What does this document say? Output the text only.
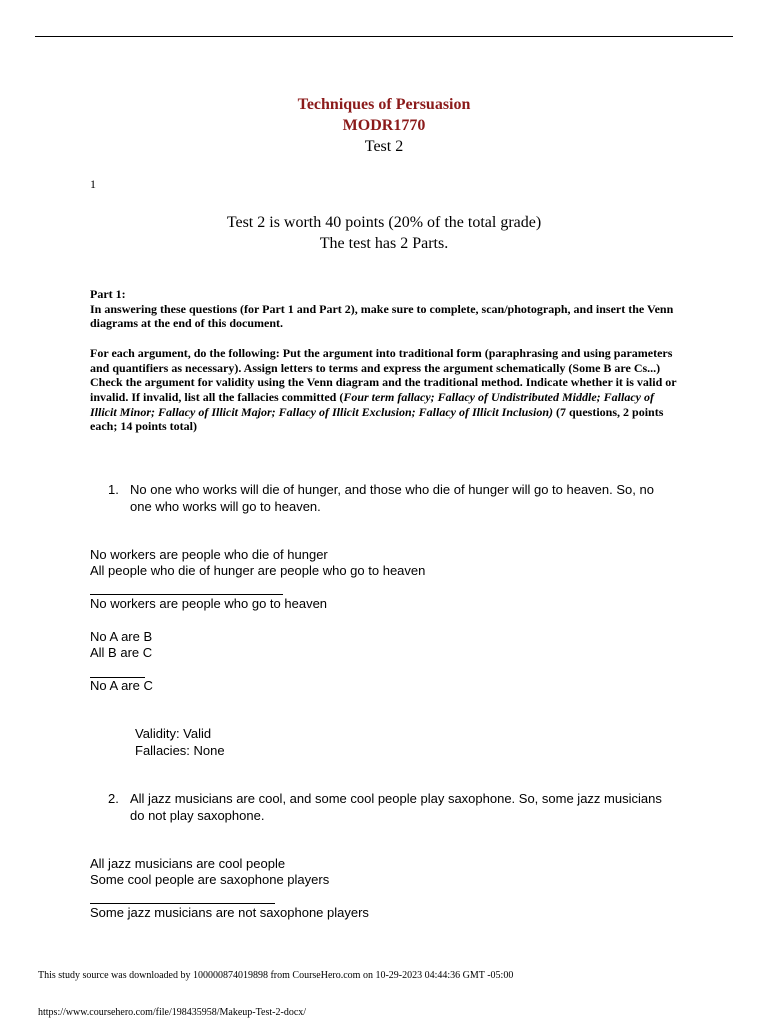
Techniques of Persuasion
MODR1770
Test 2
1
Test 2 is worth 40 points (20% of the total grade)
The test has 2 Parts.

Part 1:
In answering these questions (for Part 1 and Part 2), make sure to complete, scan/photograph, and insert the Venn diagrams at the end of this document.

For each argument, do the following: Put the argument into traditional form (paraphrasing and using parameters and quantifiers as necessary). Assign letters to terms and express the argument schematically (Some B are Cs...) Check the argument for validity using the Venn diagram and the traditional method. Indicate whether it is valid or invalid. If invalid, list all the fallacies committed (Four term fallacy; Fallacy of Undistributed Middle; Fallacy of Illicit Minor; Fallacy of Illicit Major; Fallacy of Illicit Exclusion; Fallacy of Illicit Inclusion) (7 questions, 2 points each; 14 points total)

1. No one who works will die of hunger, and those who die of hunger will go to heaven. So, no one who works will go to heaven.
No workers are people who die of hunger
All people who die of hunger are people who go to heaven
No workers are people who go to heaven
No A are B
All B are C
No A are C
Validity: Valid
Fallacies: None
2. All jazz musicians are cool, and some cool people play saxophone. So, some jazz musicians do not play saxophone.
All jazz musicians are cool people
Some cool people are saxophone players
Some jazz musicians are not saxophone players
This study source was downloaded by 100000874019898 from CourseHero.com on 10-29-2023 04:44:36 GMT -05:00
https://www.coursehero.com/file/198435958/Makeup-Test-2-docx/
